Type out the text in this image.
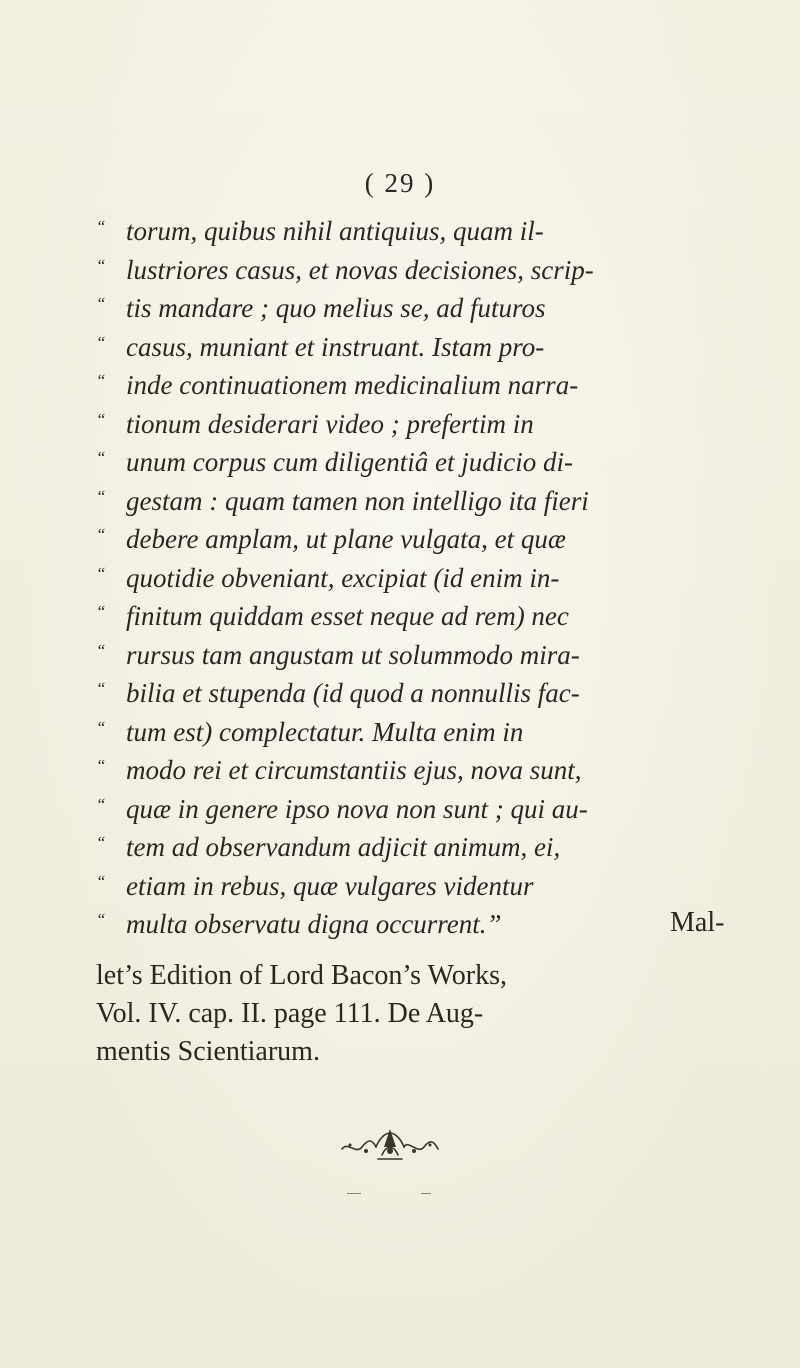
( 29 )
“ torum, quibus nihil antiquius, quam il-
“ lustriores casus, et novas decisiones, scrip-
“ tis mandare ; quo melius se, ad futuros
“ casus, muniant et instruant. Istam pro-
“ inde continuationem medicinalium narra-
“ tionum desiderari video ; prefertim in
“ unum corpus cum diligentiâ et judicio di-
“ gestam : quam tamen non intelligo ita fieri
“ debere amplam, ut plane vulgata, et quæ
“ quotidie obveniant, excipiat (id enim in-
“ finitum quiddam esset neque ad rem) nec
“ rursus tam angustam ut solummodo mira-
“ bilia et stupenda (id quod a nonnullis fac-
“ tum est) complectatur. Multa enim in
“ modo rei et circumstantiis ejus, nova sunt,
“ quæ in genere ipso nova non sunt ; qui au-
“ tem ad observandum adjicit animum, ei,
“ etiam in rebus, quæ vulgares videntur
“ multa observatu digna occurrent.”	Mal-
let’s Edition of Lord Bacon’s Works,
Vol. IV. cap. II. page 111. De Aug-
mentis Scientiarum.
